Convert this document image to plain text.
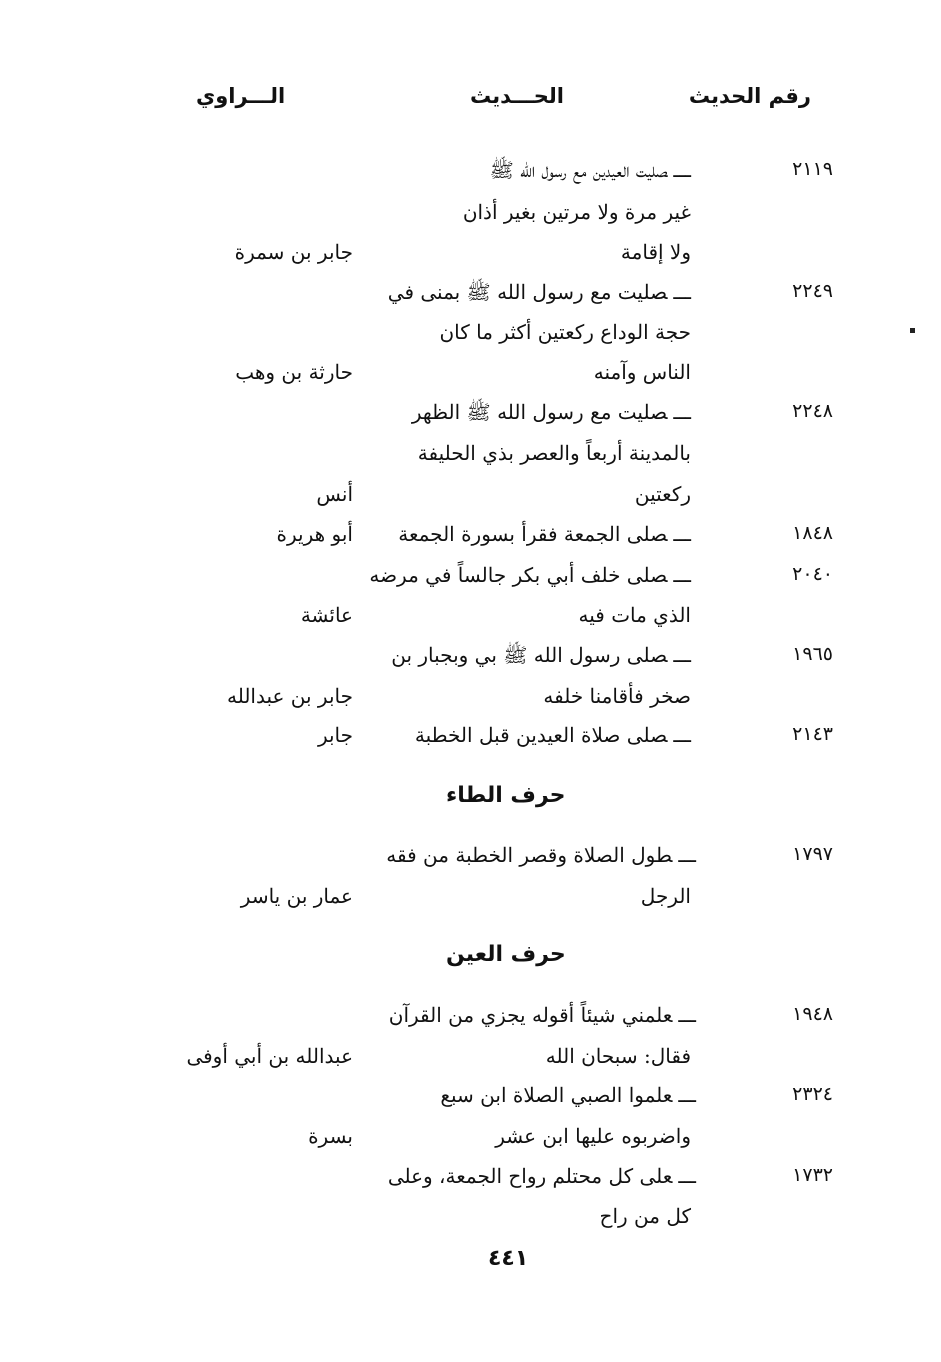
رقم الحديث
الحـــديث
الـــراوي
٢١١٩
ـــصليت العيدين مع رسول الله ﷺ
غير مرة ولا مرتين بغير أذان
ولا إقامة
جابر بن سمرة
٢٢٤٩
ـــصليت مع رسول الله ﷺ بمنى في
حجة الوداع ركعتين أكثر ما كان
الناس وآمنه
حارثة بن وهب
٢٢٤٨
ـــصليت مع رسول الله ﷺ الظهر
بالمدينة أربعاً والعصر بذي الحليفة
ركعتين
أنس
١٨٤٨
ـــصلى الجمعة فقرأ بسورة الجمعة
أبو هريرة
٢٠٤٠
ـــصلى خلف أبي بكر جالساً في مرضه
الذي مات فيه
عائشة
١٩٦٥
ـــصلى رسول الله ﷺ بي وبجبار بن
صخر فأقامنا خلفه
جابر بن عبدالله
٢١٤٣
ـــصلى صلاة العيدين قبل الخطبة
جابر
حرف الطاء
١٧٩٧
ـــطول الصلاة وقصر الخطبة من فقه
الرجل
عمار بن ياسر
حرف العين
١٩٤٨
ـــعلمني شيئاً أقوله يجزي من القرآن
فقال: سبحان الله
عبدالله بن أبي أوفى
٢٣٢٤
ـــعلموا الصبي الصلاة ابن سبع
واضربوه عليها ابن عشر
بسرة
١٧٣٢
ـــعلى كل محتلم رواح الجمعة، وعلى
كل من راح
٤٤١
